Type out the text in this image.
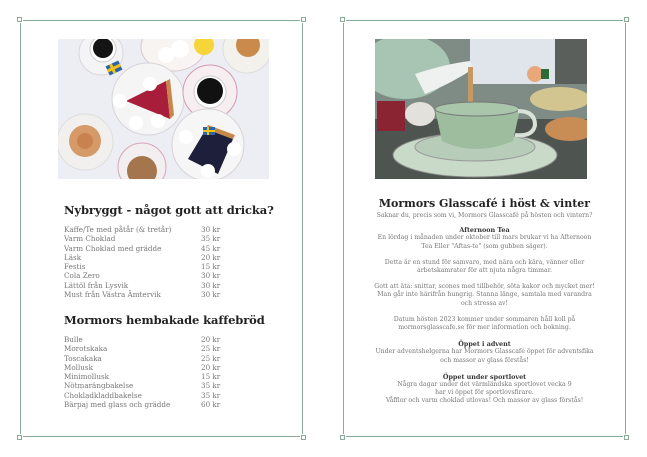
Nybryggt - något gott att dricka?
Kaffe/Te med påtår (& tretår)	30 kr
Varm Choklad	35 kr
Varm Choklad med grädde	45 kr
Läsk	20 kr
Festis	15 kr
Cola Zero	30 kr
Lättöl från Lysvik	30 kr
Must från Västra Ämtervik	30 kr
Mormors hembakade kaffebröd
Bulle	20 kr
Morotskaka	25 kr
Toscakaka	25 kr
Mollusk	20 kr
Minimollusk	15 kr
Nötmarängbakelse	35 kr
Chokladkladdbakelse	35 kr
Bärpaj med glass och grädde	60 kr
Mormors Glasscafé i höst & vinter

Saknar du, precis som vi, Mormors Glasscafé på hösten och vintern?

Afternoon Tea

En lördag i månaden under oktober till mars brukar vi ha Afternoon Tea Eller "Aftas-te" (som gubben säger).

Detta är en stund för samvaro, med nära och kära, vänner eller arbetskamrater för att njuta några timmar.

Gott att äta: snittar, scones med tillbehör, söta kakor och mycket mer! Man går inte härifrån hungrig. Stanna länge, samtala med varandra och stressa av!

Datum hösten 2023 kommer under sommaren håll koll på mormorsglasscafe.se för mer information och bokning.

Öppet i advent

Under adventshelgerna har Mormors Glasscafé öppet för adventsfika och massor av glass förstås!

Öppet under sportlovet

Några dagar under det värmländska sportlovet vecka 9

har vi öppet för sportlovsfirare.

Våfflor och varm choklad utlovas! Och massor av glass förstås!
